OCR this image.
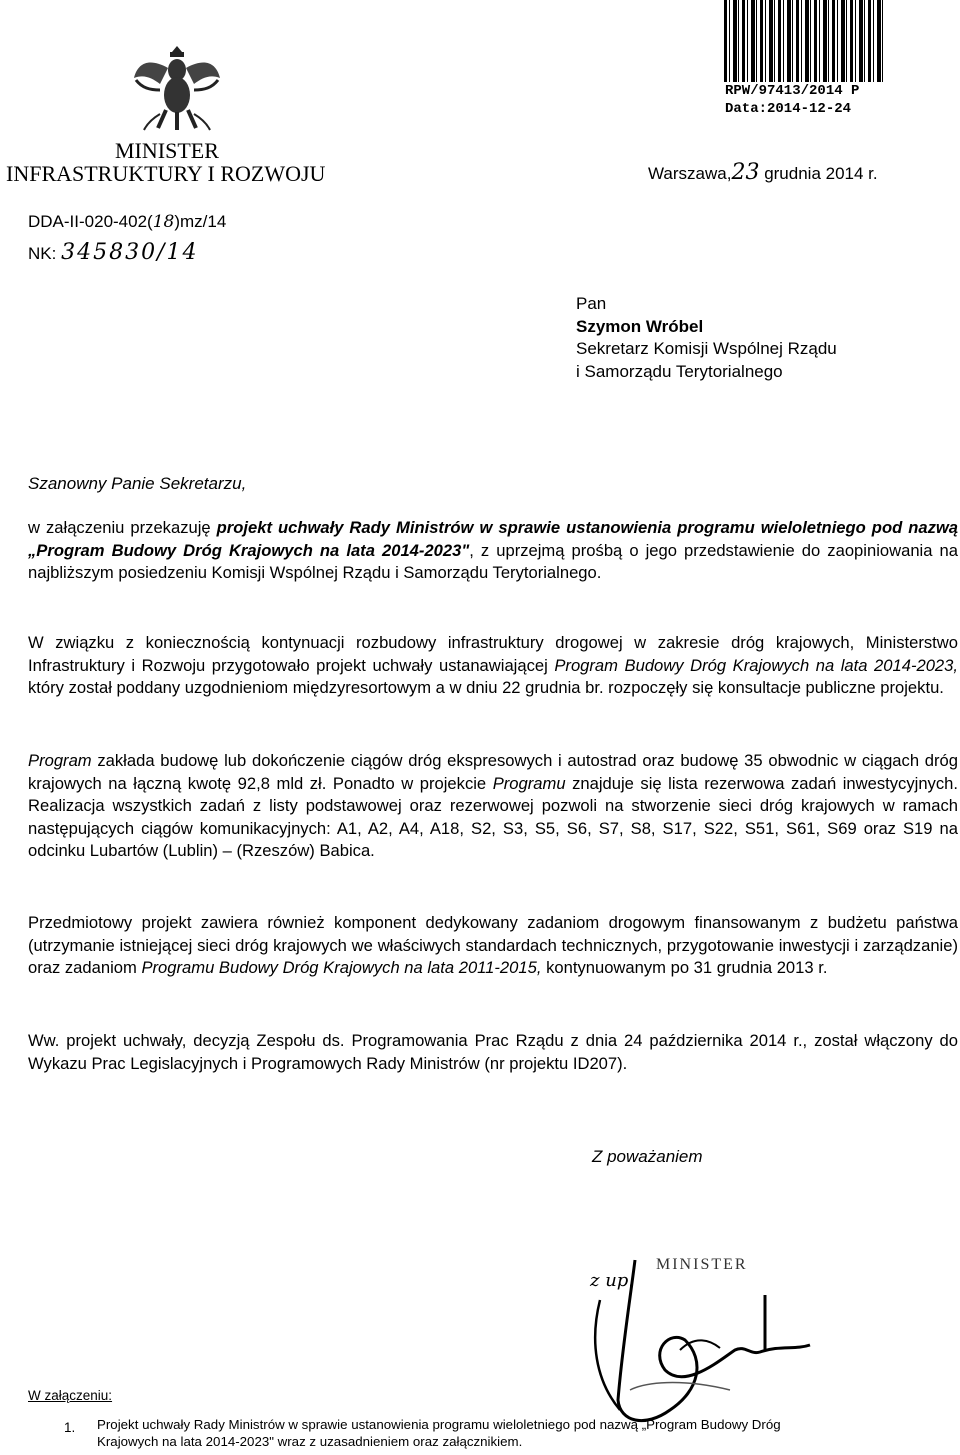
MINISTER
INFRASTRUKTURY I ROZWOJU
RPW/97413/2014 P
Data:2014-12-24
Warszawa,23 grudnia 2014 r.
DDA-II-020-402(18)mz/14
NK: 345830/14
Pan
Szymon Wróbel
Sekretarz Komisji Wspólnej Rządu
i Samorządu Terytorialnego
Szanowny Panie Sekretarzu,
w załączeniu przekazuję projekt uchwały Rady Ministrów w sprawie ustanowienia programu wieloletniego pod nazwą „Program Budowy Dróg Krajowych na lata 2014-2023", z uprzejmą prośbą o jego przedstawienie do zaopiniowania na najbliższym posiedzeniu Komisji Wspólnej Rządu i Samorządu Terytorialnego.
W związku z koniecznością kontynuacji rozbudowy infrastruktury drogowej w zakresie dróg krajowych, Ministerstwo Infrastruktury i Rozwoju przygotowało projekt uchwały ustanawiającej Program Budowy Dróg Krajowych na lata 2014-2023, który został poddany uzgodnieniom międzyresortowym a w dniu 22 grudnia br. rozpoczęły się konsultacje publiczne projektu.
Program zakłada budowę lub dokończenie ciągów dróg ekspresowych i autostrad oraz budowę 35 obwodnic w ciągach dróg krajowych na łączną kwotę 92,8 mld zł. Ponadto w projekcie Programu znajduje się lista rezerwowa zadań inwestycyjnych. Realizacja wszystkich zadań z listy podstawowej oraz rezerwowej pozwoli na stworzenie sieci dróg krajowych w ramach następujących ciągów komunikacyjnych: A1, A2, A4, A18, S2, S3, S5, S6, S7, S8, S17, S22, S51, S61, S69 oraz S19 na odcinku Lubartów (Lublin) – (Rzeszów) Babica.
Przedmiotowy projekt zawiera również komponent dedykowany zadaniom drogowym finansowanym z budżetu państwa (utrzymanie istniejącej sieci dróg krajowych we właściwych standardach technicznych, przygotowanie inwestycji i zarządzanie) oraz zadaniom Programu Budowy Dróg Krajowych na lata 2011-2015, kontynuowanym po 31 grudnia 2013 r.
Ww. projekt uchwały, decyzją Zespołu ds. Programowania Prac Rządu z dnia 24 października 2014 r., został włączony do Wykazu Prac Legislacyjnych i Programowych Rady Ministrów (nr projektu ID207).
Z poważaniem
z up.
MINISTER
W załączeniu:
1. Projekt uchwały Rady Ministrów w sprawie ustanowienia programu wieloletniego pod nazwą „Program Budowy Dróg
Krajowych na lata 2014-2023" wraz z uzasadnieniem oraz załącznikiem.
